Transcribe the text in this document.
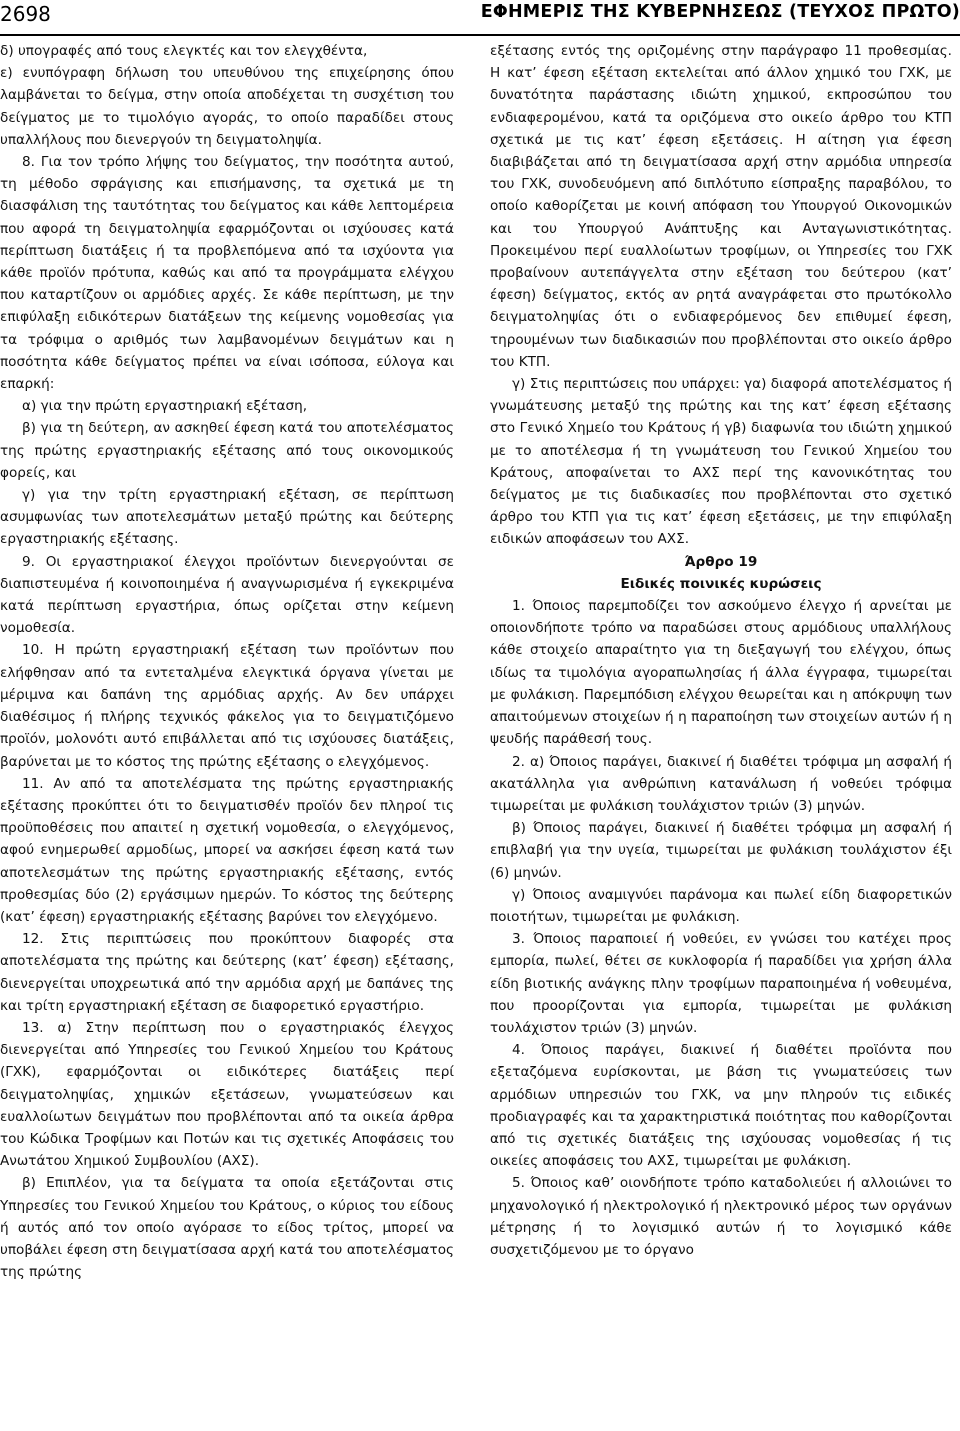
2698	ΕΦΗΜΕΡΙΣ ΤΗΣ ΚΥΒΕΡΝΗΣΕΩΣ (ΤΕΥΧΟΣ ΠΡΩΤΟ)

δ) υπογραφές από τους ελεγκτές και τον ελεγχθέντα,

ε) ενυπόγραφη δήλωση του υπευθύνου της επιχείρησης όπου λαμβάνεται το δείγμα, στην οποία αποδέχεται τη συσχέτιση του δείγματος με το τιμολόγιο αγοράς, το οποίο παραδίδει στους υπαλλήλους που διενεργούν τη δειγματοληψία.

8. Για τον τρόπο λήψης του δείγματος, την ποσότητα αυτού, τη μέθοδο σφράγισης και επισήμανσης, τα σχετικά με τη διασφάλιση της ταυτότητας του δείγματος και κάθε λεπτομέρεια που αφορά τη δειγματοληψία εφαρμόζονται οι ισχύουσες κατά περίπτωση διατάξεις ή τα προβλεπόμενα από τα ισχύοντα για κάθε προϊόν πρότυπα, καθώς και από τα προγράμματα ελέγχου που καταρτίζουν οι αρμόδιες αρχές. Σε κάθε περίπτωση, με την επιφύλαξη ειδικότερων διατάξεων της κείμενης νομοθεσίας για τα τρόφιμα ο αριθμός των λαμβανομένων δειγμάτων και η ποσότητα κάθε δείγματος πρέπει να είναι ισόποσα, εύλογα και επαρκή:

α) για την πρώτη εργαστηριακή εξέταση,

β) για τη δεύτερη, αν ασκηθεί έφεση κατά του αποτελέσματος της πρώτης εργαστηριακής εξέτασης από τους οικονομικούς φορείς, και

γ) για την τρίτη εργαστηριακή εξέταση, σε περίπτωση ασυμφωνίας των αποτελεσμάτων μεταξύ πρώτης και δεύτερης εργαστηριακής εξέτασης.

9. Οι εργαστηριακοί έλεγχοι προϊόντων διενεργούνται σε διαπιστευμένα ή κοινοποιημένα ή αναγνωρισμένα ή εγκεκριμένα κατά περίπτωση εργαστήρια, όπως ορίζεται στην κείμενη νομοθεσία.

10. Η πρώτη εργαστηριακή εξέταση των προϊόντων που ελήφθησαν από τα εντεταλμένα ελεγκτικά όργανα γίνεται με μέριμνα και δαπάνη της αρμόδιας αρχής. Αν δεν υπάρχει διαθέσιμος ή πλήρης τεχνικός φάκελος για το δειγματιζόμενο προϊόν, μολονότι αυτό επιβάλλεται από τις ισχύουσες διατάξεις, βαρύνεται με το κόστος της πρώτης εξέτασης ο ελεγχόμενος.

11. Αν από τα αποτελέσματα της πρώτης εργαστηριακής εξέτασης προκύπτει ότι το δειγματισθέν προϊόν δεν πληροί τις προϋποθέσεις που απαιτεί η σχετική νομοθεσία, ο ελεγχόμενος, αφού ενημερωθεί αρμοδίως, μπορεί να ασκήσει έφεση κατά των αποτελεσμάτων της πρώτης εργαστηριακής εξέτασης, εντός προθεσμίας δύο (2) εργάσιμων ημερών. Το κόστος της δεύτερης (κατ’ έφεση) εργαστηριακής εξέτασης βαρύνει τον ελεγχόμενο.

12. Στις περιπτώσεις που προκύπτουν διαφορές στα αποτελέσματα της πρώτης και δεύτερης (κατ’ έφεση) εξέτασης, διενεργείται υποχρεωτικά από την αρμόδια αρχή με δαπάνες της και τρίτη εργαστηριακή εξέταση σε διαφορετικό εργαστήριο.

13. α) Στην περίπτωση που ο εργαστηριακός έλεγχος διενεργείται από Υπηρεσίες του Γενικού Χημείου του Κράτους (ΓΧΚ), εφαρμόζονται οι ειδικότερες διατάξεις περί δειγματοληψίας, χημικών εξετάσεων, γνωματεύσεων και ευαλλοίωτων δειγμάτων που προβλέπονται από τα οικεία άρθρα του Κώδικα Τροφίμων και Ποτών και τις σχετικές Αποφάσεις του Ανωτάτου Χημικού Συμβουλίου (ΑΧΣ).

β) Επιπλέον, για τα δείγματα τα οποία εξετάζονται στις Υπηρεσίες του Γενικού Χημείου του Κράτους, ο κύριος του είδους ή αυτός από τον οποίο αγόρασε το είδος τρίτος, μπορεί να υποβάλει έφεση στη δειγματίσασα αρχή κατά του αποτελέσματος της πρώτης

εξέτασης εντός της οριζομένης στην παράγραφο 11 προθεσμίας. Η κατ’ έφεση εξέταση εκτελείται από άλλον χημικό του ΓΧΚ, με δυνατότητα παράστασης ιδιώτη χημικού, εκπροσώπου του ενδιαφερομένου, κατά τα οριζόμενα στο οικείο άρθρο του ΚΤΠ σχετικά με τις κατ’ έφεση εξετάσεις. Η αίτηση για έφεση διαβιβάζεται από τη δειγματίσασα αρχή στην αρμόδια υπηρεσία του ΓΧΚ, συνοδευόμενη από διπλότυπο είσπραξης παραβόλου, το οποίο καθορίζεται με κοινή απόφαση του Υπουργού Οικονομικών και του Υπουργού Ανάπτυξης και Ανταγωνιστικότητας. Προκειμένου περί ευαλλοίωτων τροφίμων, οι Υπηρεσίες του ΓΧΚ προβαίνουν αυτεπάγγελτα στην εξέταση του δεύτερου (κατ’ έφεση) δείγματος, εκτός αν ρητά αναγράφεται στο πρωτόκολλο δειγματοληψίας ότι ο ενδιαφερόμενος δεν επιθυμεί έφεση, τηρουμένων των διαδικασιών που προβλέπονται στο οικείο άρθρο του ΚΤΠ.

γ) Στις περιπτώσεις που υπάρχει: γα) διαφορά αποτελέσματος ή γνωμάτευσης μεταξύ της πρώτης και της κατ’ έφεση εξέτασης στο Γενικό Χημείο του Κράτους ή γβ) διαφωνία του ιδιώτη χημικού με το αποτέλεσμα ή τη γνωμάτευση του Γενικού Χημείου του Κράτους, αποφαίνεται το ΑΧΣ περί της κανονικότητας του δείγματος με τις διαδικασίες που προβλέπονται στο σχετικό άρθρο του ΚΤΠ για τις κατ’ έφεση εξετάσεις, με την επιφύλαξη ειδικών αποφάσεων του ΑΧΣ.

Άρθρο 19

Ειδικές ποινικές κυρώσεις

1. Όποιος παρεμποδίζει τον ασκούμενο έλεγχο ή αρνείται με οποιονδήποτε τρόπο να παραδώσει στους αρμόδιους υπαλλήλους κάθε στοιχείο απαραίτητο για τη διεξαγωγή του ελέγχου, όπως ιδίως τα τιμολόγια αγοραπωλησίας ή άλλα έγγραφα, τιμωρείται με φυλάκιση. Παρεμπόδιση ελέγχου θεωρείται και η απόκρυψη των απαιτούμενων στοιχείων ή η παραποίηση των στοιχείων αυτών ή η ψευδής παράθεσή τους.

2. α) Όποιος παράγει, διακινεί ή διαθέτει τρόφιμα μη ασφαλή ή ακατάλληλα για ανθρώπινη κατανάλωση ή νοθεύει τρόφιμα τιμωρείται με φυλάκιση τουλάχιστον τριών (3) μηνών.

β) Όποιος παράγει, διακινεί ή διαθέτει τρόφιμα μη ασφαλή ή επιβλαβή για την υγεία, τιμωρείται με φυλάκιση τουλάχιστον έξι (6) μηνών.

γ) Όποιος αναμιγνύει παράνομα και πωλεί είδη διαφορετικών ποιοτήτων, τιμωρείται με φυλάκιση.

3. Όποιος παραποιεί ή νοθεύει, εν γνώσει του κατέχει προς εμπορία, πωλεί, θέτει σε κυκλοφορία ή παραδίδει για χρήση άλλα είδη βιοτικής ανάγκης πλην τροφίμων παραποιημένα ή νοθευμένα, που προορίζονται για εμπορία, τιμωρείται με φυλάκιση τουλάχιστον τριών (3) μηνών.

4. Όποιος παράγει, διακινεί ή διαθέτει προϊόντα που εξεταζόμενα ευρίσκονται, με βάση τις γνωματεύσεις των αρμόδιων υπηρεσιών του ΓΧΚ, να μην πληρούν τις ειδικές προδιαγραφές και τα χαρακτηριστικά ποιότητας που καθορίζονται από τις σχετικές διατάξεις της ισχύουσας νομοθεσίας ή τις οικείες αποφάσεις του ΑΧΣ, τιμωρείται με φυλάκιση.

5. Όποιος καθ’ οιονδήποτε τρόπο καταδολιεύει ή αλλοιώνει το μηχανολογικό ή ηλεκτρολογικό ή ηλεκτρονικό μέρος των οργάνων μέτρησης ή το λογισμικό αυτών ή το λογισμικό κάθε συσχετιζόμενου με το όργανο
